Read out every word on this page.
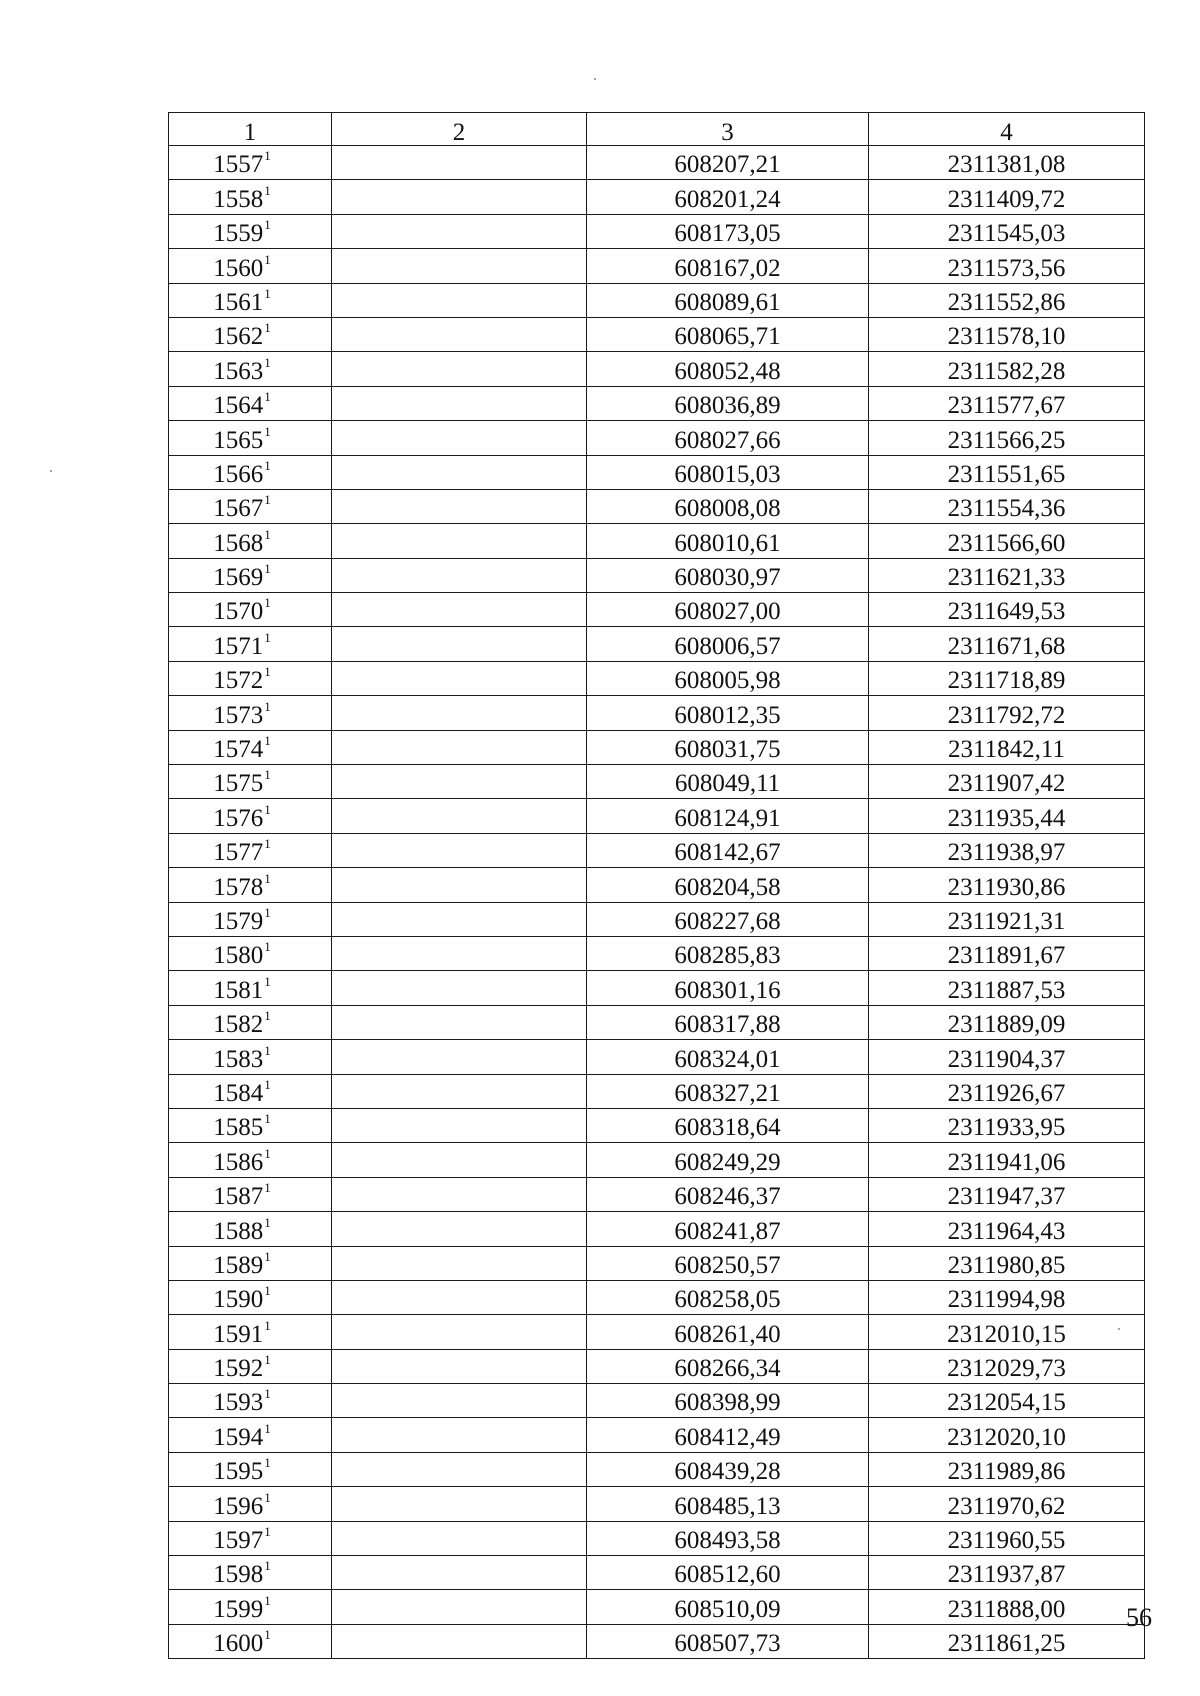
1	2	3	4
1557$^1$		608207,21	2311381,08
1558$^1$		608201,24	2311409,72
1559$^1$		608173,05	2311545,03
1560$^1$		608167,02	2311573,56
1561$^1$		608089,61	2311552,86
1562$^1$		608065,71	2311578,10
1563$^1$		608052,48	2311582,28
1564$^1$		608036,89	2311577,67
1565$^1$		608027,66	2311566,25
1566$^1$		608015,03	2311551,65
1567$^1$		608008,08	2311554,36
1568$^1$		608010,61	2311566,60
1569$^1$		608030,97	2311621,33
1570$^1$		608027,00	2311649,53
1571$^1$		608006,57	2311671,68
1572$^1$		608005,98	2311718,89
1573$^1$		608012,35	2311792,72
1574$^1$		608031,75	2311842,11
1575$^1$		608049,11	2311907,42
1576$^1$		608124,91	2311935,44
1577$^1$		608142,67	2311938,97
1578$^1$		608204,58	2311930,86
1579$^1$		608227,68	2311921,31
1580$^1$		608285,83	2311891,67
1581$^1$		608301,16	2311887,53
1582$^1$		608317,88	2311889,09
1583$^1$		608324,01	2311904,37
1584$^1$		608327,21	2311926,67
1585$^1$		608318,64	2311933,95
1586$^1$		608249,29	2311941,06
1587$^1$		608246,37	2311947,37
1588$^1$		608241,87	2311964,43
1589$^1$		608250,57	2311980,85
1590$^1$		608258,05	2311994,98
1591$^1$		608261,40	2312010,15
1592$^1$		608266,34	2312029,73
1593$^1$		608398,99	2312054,15
1594$^1$		608412,49	2312020,10
1595$^1$		608439,28	2311989,86
1596$^1$		608485,13	2311970,62
1597$^1$		608493,58	2311960,55
1598$^1$		608512,60	2311937,87
1599$^1$		608510,09	2311888,00
1600$^1$		608507,73	2311861,25
56
